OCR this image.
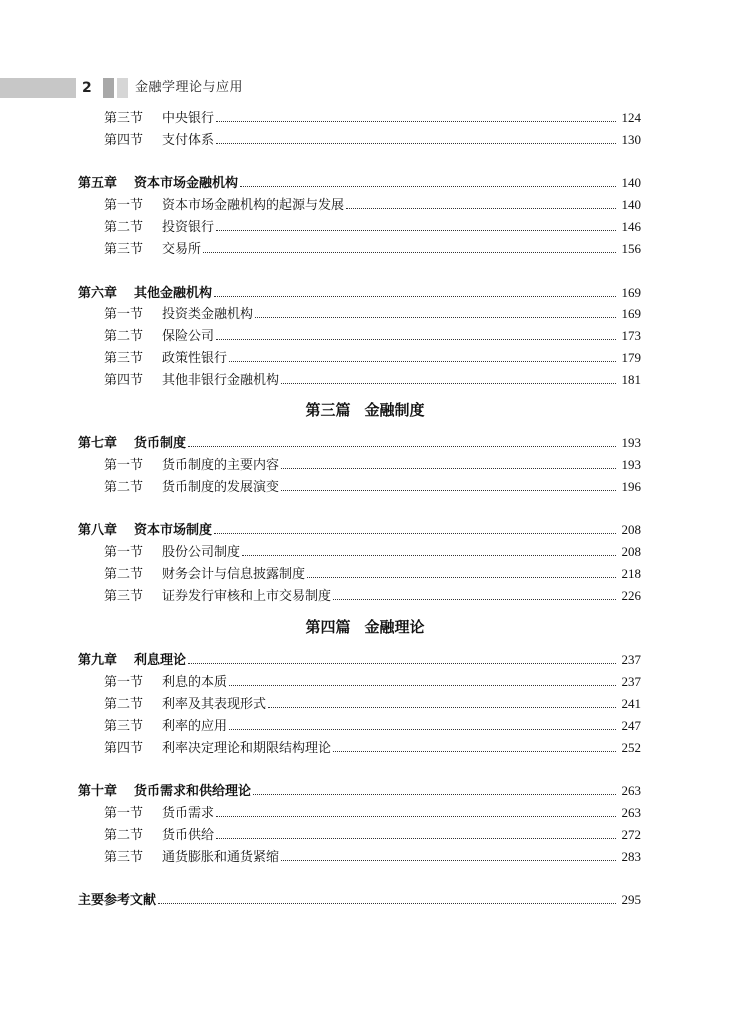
2	金融学理论与应用
第三节 中央银行	124
第四节 支付体系	130
第五章 资本市场金融机构	140
第一节 资本市场金融机构的起源与发展	140
第二节 投资银行	146
第三节 交易所	156
第六章 其他金融机构	169
第一节 投资类金融机构	169
第二节 保险公司	173
第三节 政策性银行	179
第四节 其他非银行金融机构	181
第三篇 金融制度
第七章 货币制度	193
第一节 货币制度的主要内容	193
第二节 货币制度的发展演变	196
第八章 资本市场制度	208
第一节 股份公司制度	208
第二节 财务会计与信息披露制度	218
第三节 证券发行审核和上市交易制度	226
第四篇 金融理论
第九章 利息理论	237
第一节 利息的本质	237
第二节 利率及其表现形式	241
第三节 利率的应用	247
第四节 利率决定理论和期限结构理论	252
第十章 货币需求和供给理论	263
第一节 货币需求	263
第二节 货币供给	272
第三节 通货膨胀和通货紧缩	283
主要参考文献	295
